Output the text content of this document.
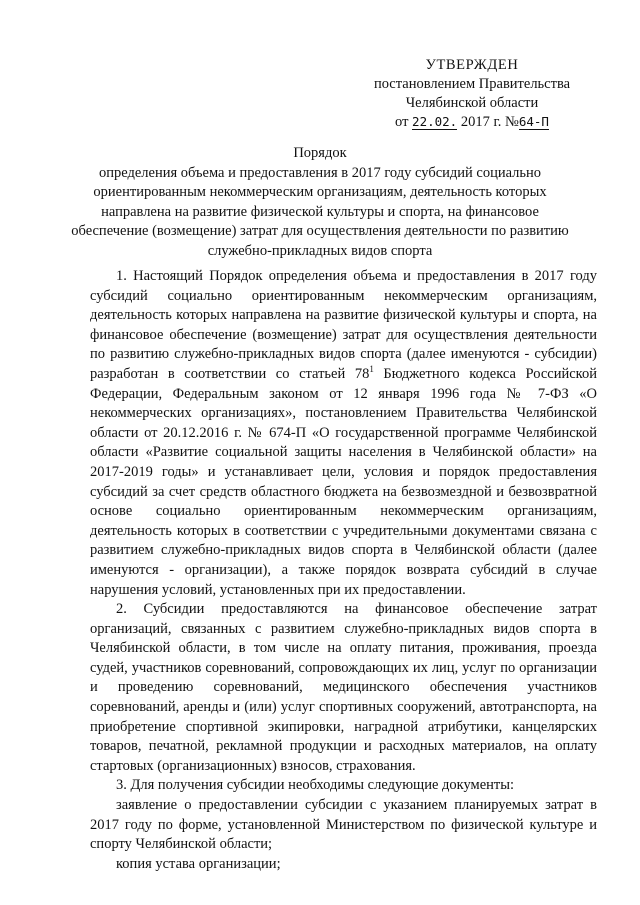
УТВЕРЖДЕН
постановлением Правительства
Челябинской области
от 22.02. 2017 г. №64-П
Порядок
определения объема и предоставления в 2017 году субсидий социально
ориентированным некоммерческим организациям, деятельность которых
направлена на развитие физической культуры и спорта, на финансовое
обеспечение (возмещение) затрат для осуществления деятельности по развитию
служебно-прикладных видов спорта

1. Настоящий Порядок определения объема и предоставления в 2017 году субсидий социально ориентированным некоммерческим организациям, деятельность которых направлена на развитие физической культуры и спорта, на финансовое обеспечение (возмещение) затрат для осуществления деятельности по развитию служебно-прикладных видов спорта (далее именуются - субсидии) разработан в соответствии со статьей $78^1$ Бюджетного кодекса Российской Федерации, Федеральным законом от 12 января 1996 года № 7-ФЗ «О некоммерческих организациях», постановлением Правительства Челябинской области от 20.12.2016 г. № 674-П «О государственной программе Челябинской области «Развитие социальной защиты населения в Челябинской области» на 2017-2019 годы» и устанавливает цели, условия и порядок предоставления субсидий за счет средств областного бюджета на безвозмездной и безвозвратной основе социально ориентированным некоммерческим организациям, деятельность которых в соответствии с учредительными документами связана с развитием служебно-прикладных видов спорта в Челябинской области (далее именуются - организации), а также порядок возврата субсидий в случае нарушения условий, установленных при их предоставлении.

2. Субсидии предоставляются на финансовое обеспечение затрат организаций, связанных с развитием служебно-прикладных видов спорта в Челябинской области, в том числе на оплату питания, проживания, проезда судей, участников соревнований, сопровождающих их лиц, услуг по организации и проведению соревнований, медицинского обеспечения участников соревнований, аренды и (или) услуг спортивных сооружений, автотранспорта, на приобретение спортивной экипировки, наградной атрибутики, канцелярских товаров, печатной, рекламной продукции и расходных материалов, на оплату стартовых (организационных) взносов, страхования.

3. Для получения субсидии необходимы следующие документы:

заявление о предоставлении субсидии с указанием планируемых затрат в 2017 году по форме, установленной Министерством по физической культуре и спорту Челябинской области;

копия устава организации;
